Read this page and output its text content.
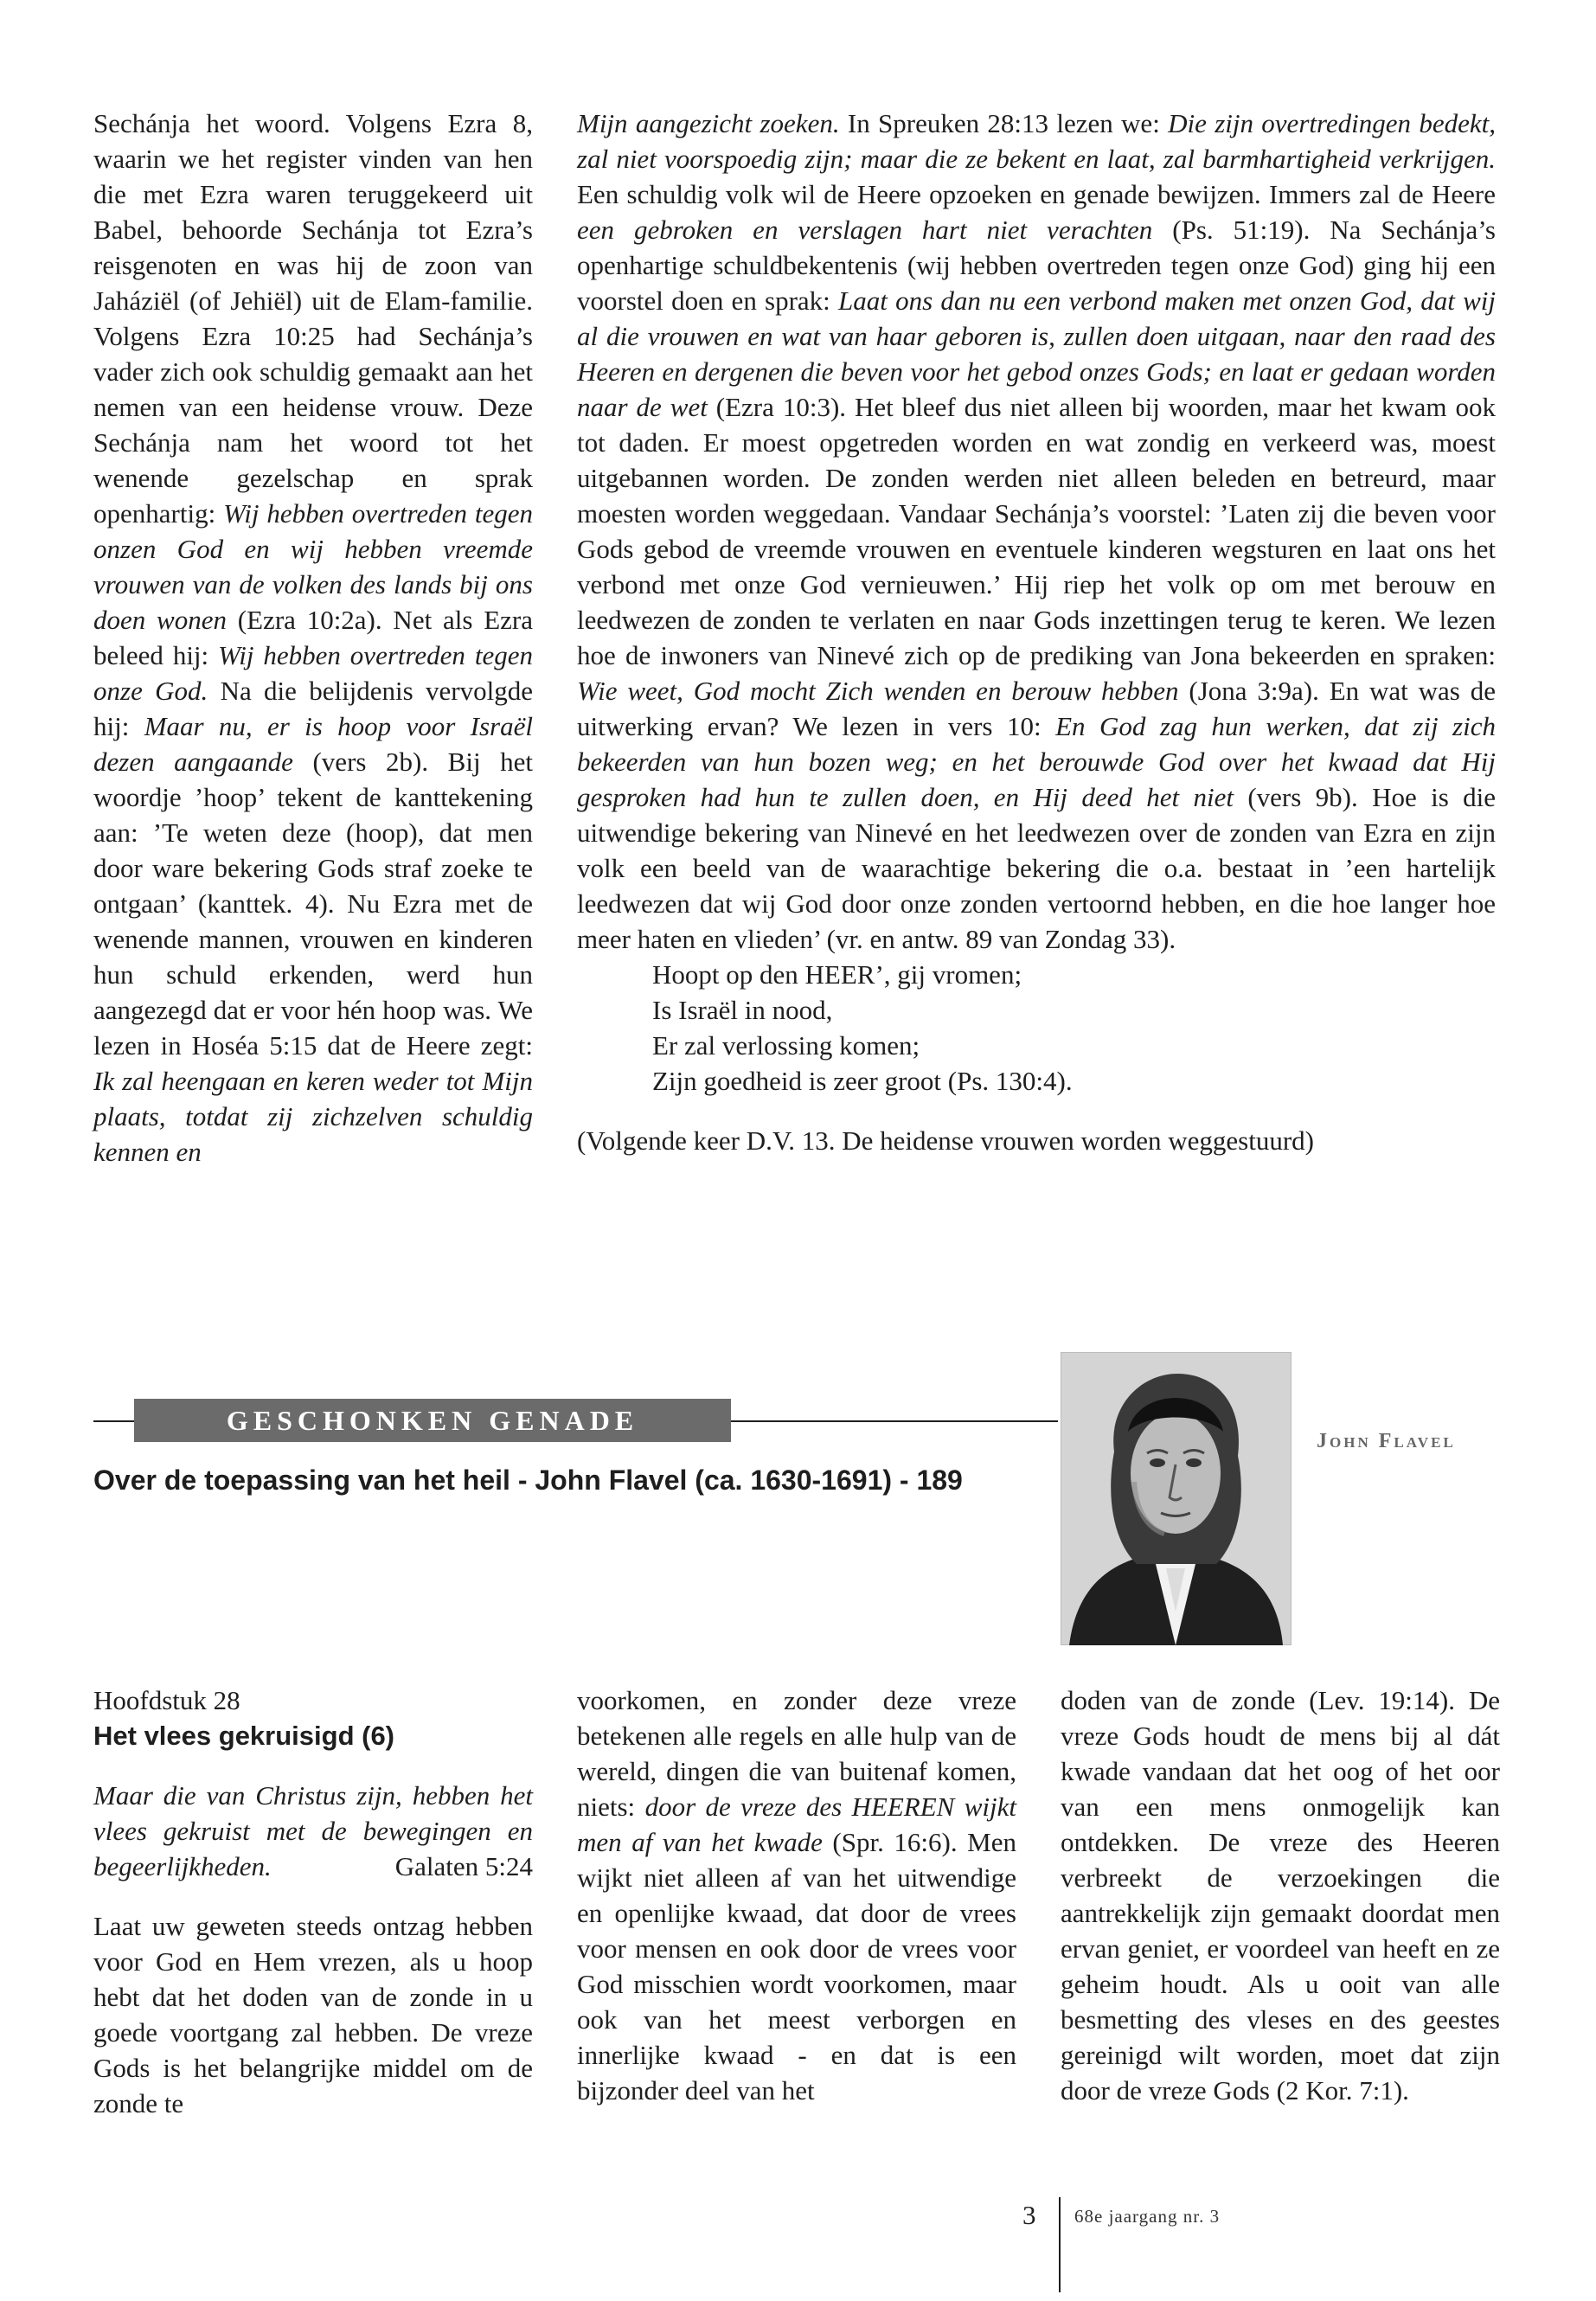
Sechánja het woord. Volgens Ezra 8, waarin we het register vinden van hen die met Ezra waren teruggekeerd uit Babel, behoorde Sechánja tot Ezra’s reisgenoten en was hij de zoon van Jaháziël (of Jehiël) uit de Elam-familie. Volgens Ezra 10:25 had Sechánja’s vader zich ook schuldig gemaakt aan het nemen van een heidense vrouw. Deze Sechánja nam het woord tot het wenende gezelschap en sprak openhartig: Wij hebben overtreden tegen onzen God en wij hebben vreemde vrouwen van de volken des lands bij ons doen wonen (Ezra 10:2a). Net als Ezra beleed hij: Wij hebben overtreden tegen onze God. Na die belijdenis vervolgde hij: Maar nu, er is hoop voor Israël dezen aangaande (vers 2b). Bij het woordje ’hoop’ tekent de kanttekening aan: ’Te weten deze (hoop), dat men door ware bekering Gods straf zoeke te ontgaan’ (kanttek. 4). Nu Ezra met de wenende mannen, vrouwen en kinderen hun schuld erkenden, werd hun aangezegd dat er voor hén hoop was. We lezen in Hoséa 5:15 dat de Heere zegt: Ik zal heengaan en keren weder tot Mijn plaats, totdat zij zichzelven schuldig kennen en

Mijn aangezicht zoeken. In Spreuken 28:13 lezen we: Die zijn overtredingen bedekt, zal niet voorspoedig zijn; maar die ze bekent en laat, zal barmhartigheid verkrijgen. Een schuldig volk wil de Heere opzoeken en genade bewijzen. Immers zal de Heere een gebroken en verslagen hart niet verachten (Ps. 51:19). Na Sechánja’s openhartige schuldbekentenis (wij hebben overtreden tegen onze God) ging hij een voorstel doen en sprak: Laat ons dan nu een verbond maken met onzen God, dat wij al die vrouwen en wat van haar geboren is, zullen doen uitgaan, naar den raad des Heeren en dergenen die beven voor het gebod onzes Gods; en laat er gedaan worden naar de wet (Ezra 10:3). Het bleef dus niet alleen bij woorden, maar het kwam ook tot daden. Er moest opgetreden worden en wat zondig en verkeerd was, moest uitgebannen worden. De zonden werden niet alleen beleden en betreurd, maar moesten worden weggedaan. Vandaar Sechánja’s voorstel: ’Laten zij die beven voor Gods gebod de vreemde vrouwen en eventuele kinderen wegsturen en laat ons het verbond met onze God vernieuwen.’ Hij riep het volk op om met berouw en leedwezen de zonden te verlaten en naar Gods inzettingen terug te keren. We lezen hoe de inwoners van Ninevé zich op de prediking van Jona bekeerden en spraken: Wie weet, God mocht Zich wenden en berouw hebben (Jona 3:9a). En wat was de uitwerking ervan? We lezen in vers 10: En God zag hun werken, dat zij zich bekeerden van hun bozen weg; en het berouwde God over het kwaad dat Hij gesproken had hun te zullen doen, en Hij deed het niet (vers 9b). Hoe is die uitwendige bekering van Ninevé en het leedwezen over de zonden van Ezra en zijn volk een beeld van de waarachtige bekering die o.a. bestaat in ’een hartelijk leedwezen dat wij God door onze zonden vertoornd hebben, en die hoe langer hoe meer haten en vlieden’ (vr. en antw. 89 van Zondag 33).

Hoopt op den HEER’, gij vromen;
Is Israël in nood,
Er zal verlossing komen;
Zijn goedheid is zeer groot (Ps. 130:4).

(Volgende keer D.V. 13. De heidense vrouwen worden weggestuurd)

GESCHONKEN GENADE
John Flavel
Over de toepassing van het heil - John Flavel (ca. 1630-1691) - 189

Hoofdstuk 28

Het vlees gekruisigd (6)

Maar die van Christus zijn, hebben het vlees gekruist met de bewegingen en begeerlijkheden.	Galaten 5:24

Laat uw geweten steeds ontzag hebben voor God en Hem vrezen, als u hoop hebt dat het doden van de zonde in u goede voortgang zal hebben. De vreze Gods is het belangrijke middel om de zonde te

voorkomen, en zonder deze vreze betekenen alle regels en alle hulp van de wereld, dingen die van buitenaf komen, niets: door de vreze des HEEREN wijkt men af van het kwade (Spr. 16:6). Men wijkt niet alleen af van het uitwendige en openlijke kwaad, dat door de vrees voor mensen en ook door de vrees voor God misschien wordt voorkomen, maar ook van het meest verborgen en innerlijke kwaad - en dat is een bijzonder deel van het

doden van de zonde (Lev. 19:14). De vreze Gods houdt de mens bij al dát kwade vandaan dat het oog of het oor van een mens onmogelijk kan ontdekken. De vreze des Heeren verbreekt de verzoekingen die aantrekkelijk zijn gemaakt doordat men ervan geniet, er voordeel van heeft en ze geheim houdt. Als u ooit van alle besmetting des vleses en des geestes gereinigd wilt worden, moet dat zijn door de vreze Gods (2 Kor. 7:1).

3 68e jaargang nr. 3
